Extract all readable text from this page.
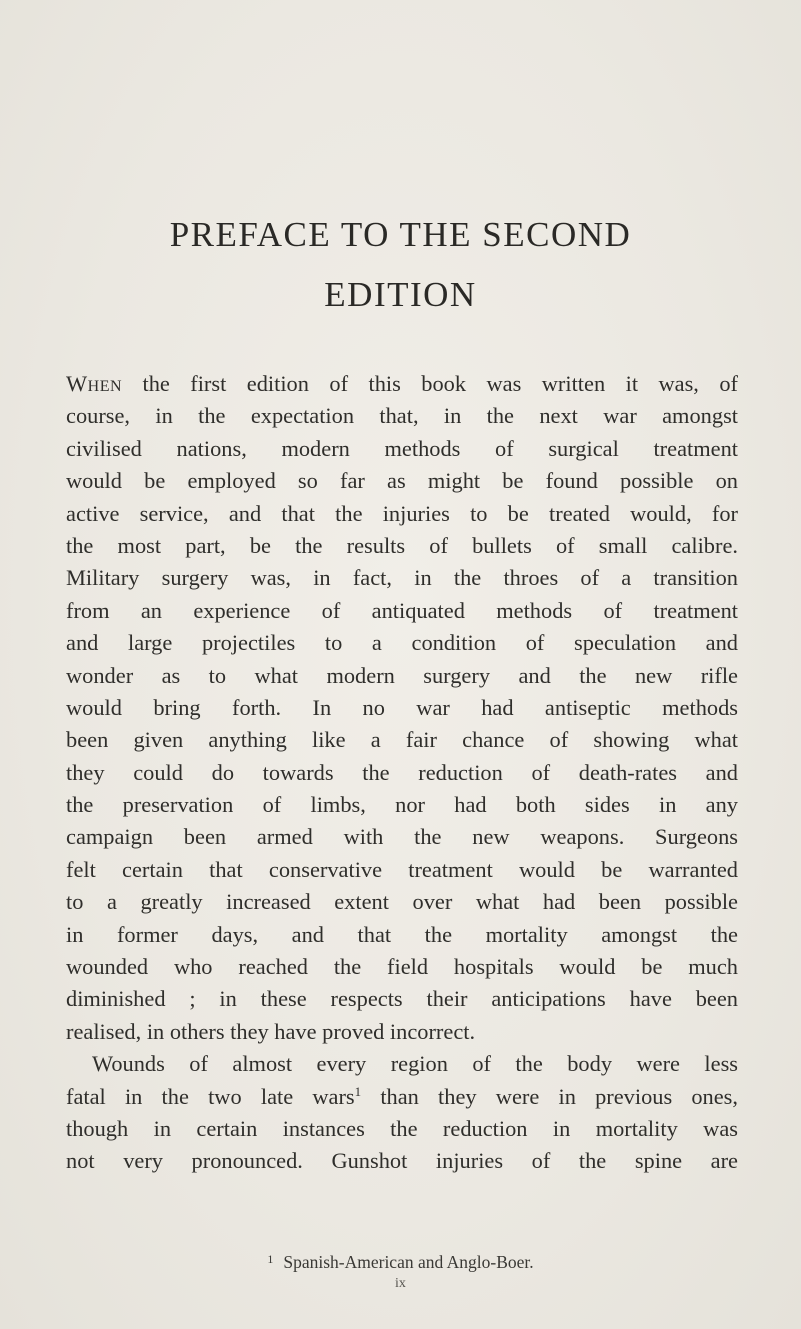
PREFACE TO THE SECOND
EDITION
When the first edition of this book was written it was, of
course, in the expectation that, in the next war amongst
civilised nations, modern methods of surgical treatment
would be employed so far as might be found possible on
active service, and that the injuries to be treated would, for
the most part, be the results of bullets of small calibre.
Military surgery was, in fact, in the throes of a transition
from an experience of antiquated methods of treatment
and large projectiles to a condition of speculation and
wonder as to what modern surgery and the new rifle
would bring forth. In no war had antiseptic methods
been given anything like a fair chance of showing what
they could do towards the reduction of death-rates and
the preservation of limbs, nor had both sides in any
campaign been armed with the new weapons. Surgeons
felt certain that conservative treatment would be warranted
to a greatly increased extent over what had been possible
in former days, and that the mortality amongst the
wounded who reached the field hospitals would be much
diminished ; in these respects their anticipations have been
realised, in others they have proved incorrect.
Wounds of almost every region of the body were less
fatal in the two late wars$^1$ than they were in previous ones,
though in certain instances the reduction in mortality was
not very pronounced. Gunshot injuries of the spine are

$^1$ Spanish-American and Anglo-Boer.

ix
